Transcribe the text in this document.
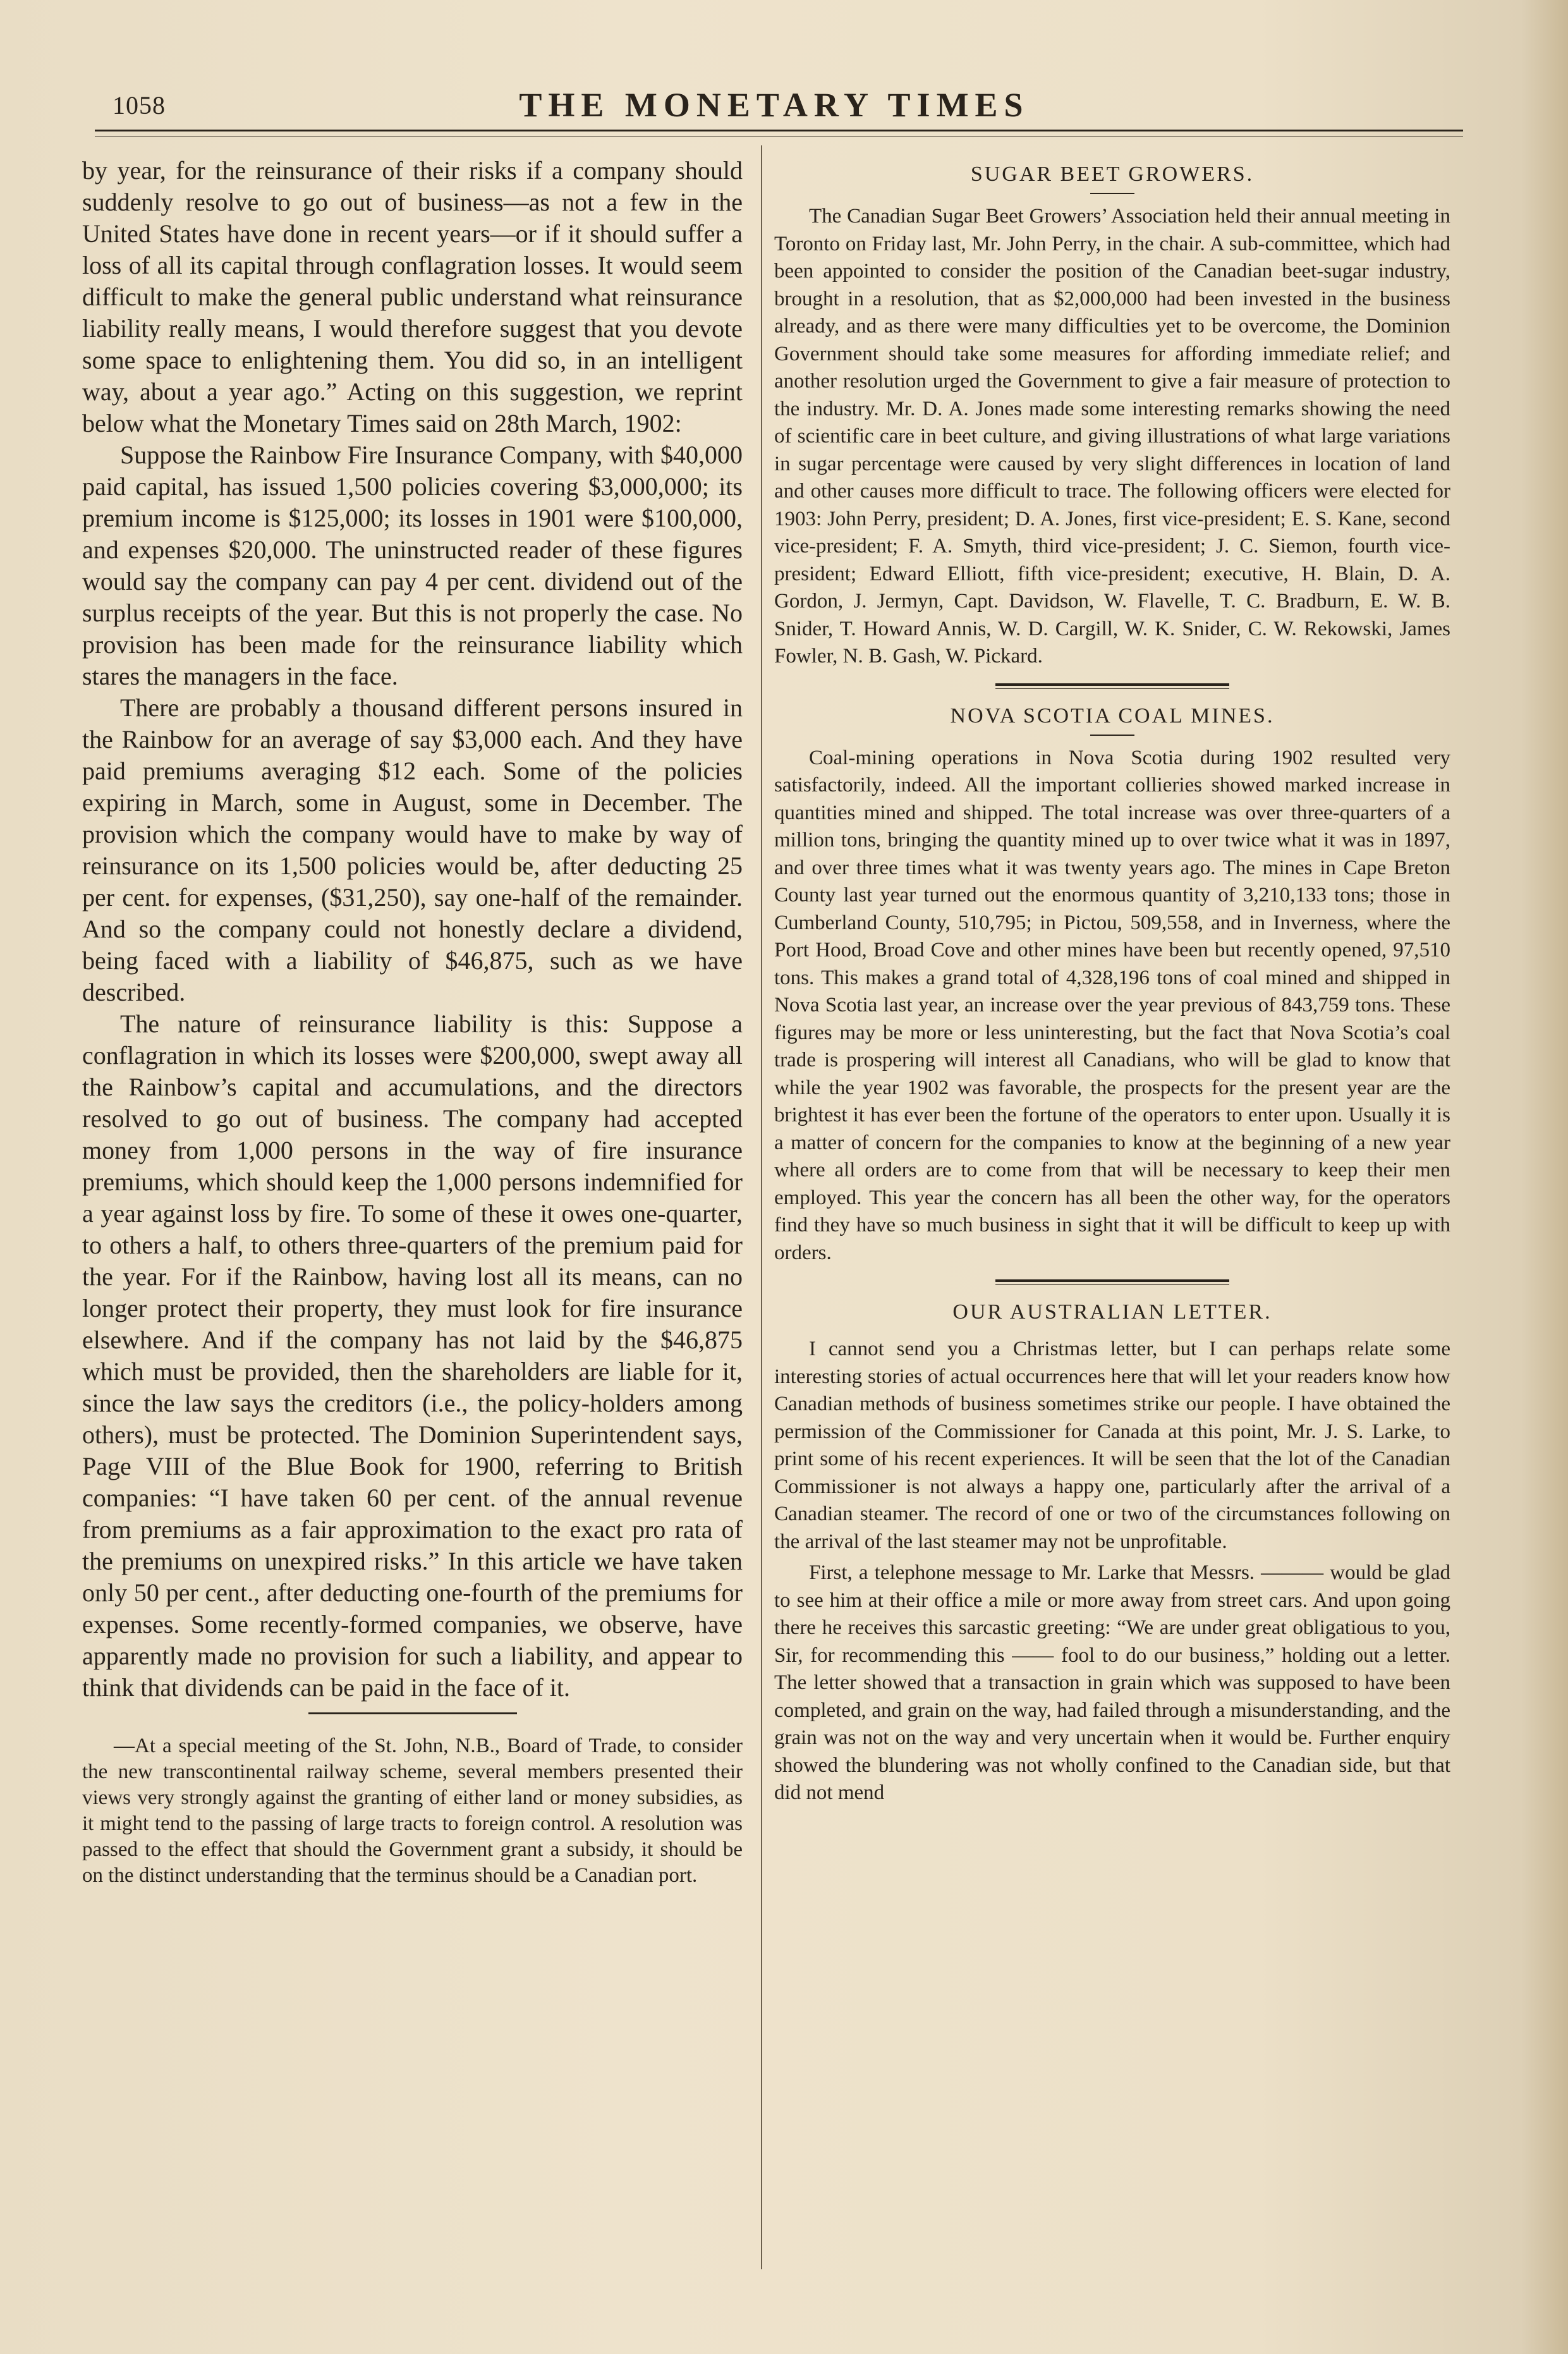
1058	THE MONETARY TIMES

by year, for the reinsurance of their risks if a company should suddenly resolve to go out of business—as not a few in the United States have done in recent years—or if it should suffer a loss of all its capital through conflagration losses. It would seem difficult to make the general public understand what reinsurance liability really means, I would therefore suggest that you devote some space to enlightening them. You did so, in an intelligent way, about a year ago.” Acting on this suggestion, we reprint below what the Monetary Times said on 28th March, 1902:

Suppose the Rainbow Fire Insurance Company, with $40,000 paid capital, has issued 1,500 policies covering $3,000,000; its premium income is $125,000; its losses in 1901 were $100,000, and expenses $20,000. The uninstructed reader of these figures would say the company can pay 4 per cent. dividend out of the surplus receipts of the year. But this is not properly the case. No provision has been made for the reinsurance liability which stares the managers in the face.

There are probably a thousand different persons insured in the Rainbow for an average of say $3,000 each. And they have paid premiums averaging $12 each. Some of the policies expiring in March, some in August, some in December. The provision which the company would have to make by way of reinsurance on its 1,500 policies would be, after deducting 25 per cent. for expenses, ($31,250), say one-half of the remainder. And so the company could not honestly declare a dividend, being faced with a liability of $46,875, such as we have described.

The nature of reinsurance liability is this: Suppose a conflagration in which its losses were $200,000, swept away all the Rainbow’s capital and accumulations, and the directors resolved to go out of business. The company had accepted money from 1,000 persons in the way of fire insurance premiums, which should keep the 1,000 persons indemnified for a year against loss by fire. To some of these it owes one-quarter, to others a half, to others three-quarters of the premium paid for the year. For if the Rainbow, having lost all its means, can no longer protect their property, they must look for fire insurance elsewhere. And if the company has not laid by the $46,875 which must be provided, then the shareholders are liable for it, since the law says the creditors (i.e., the policy-holders among others), must be protected. The Dominion Superintendent says, Page VIII of the Blue Book for 1900, referring to British companies: “I have taken 60 per cent. of the annual revenue from premiums as a fair approximation to the exact pro rata of the premiums on unexpired risks.” In this article we have taken only 50 per cent., after deducting one-fourth of the premiums for expenses. Some recently-formed companies, we observe, have apparently made no provision for such a liability, and appear to think that dividends can be paid in the face of it.

—At a special meeting of the St. John, N.B., Board of Trade, to consider the new transcontinental railway scheme, several members presented their views very strongly against the granting of either land or money subsidies, as it might tend to the passing of large tracts to foreign control. A resolution was passed to the effect that should the Government grant a subsidy, it should be on the distinct understanding that the terminus should be a Canadian port.

SUGAR BEET GROWERS.

The Canadian Sugar Beet Growers’ Association held their annual meeting in Toronto on Friday last, Mr. John Perry, in the chair. A sub-committee, which had been appointed to consider the position of the Canadian beet-sugar industry, brought in a resolution, that as $2,000,000 had been invested in the business already, and as there were many difficulties yet to be overcome, the Dominion Government should take some measures for affording immediate relief; and another resolution urged the Government to give a fair measure of protection to the industry. Mr. D. A. Jones made some interesting remarks showing the need of scientific care in beet culture, and giving illustrations of what large variations in sugar percentage were caused by very slight differences in location of land and other causes more difficult to trace. The following officers were elected for 1903: John Perry, president; D. A. Jones, first vice-president; E. S. Kane, second vice-president; F. A. Smyth, third vice-president; J. C. Siemon, fourth vice-president; Edward Elliott, fifth vice-president; executive, H. Blain, D. A. Gordon, J. Jermyn, Capt. Davidson, W. Flavelle, T. C. Bradburn, E. W. B. Snider, T. Howard Annis, W. D. Cargill, W. K. Snider, C. W. Rekowski, James Fowler, N. B. Gash, W. Pickard.

NOVA SCOTIA COAL MINES.

Coal-mining operations in Nova Scotia during 1902 resulted very satisfactorily, indeed. All the important collieries showed marked increase in quantities mined and shipped. The total increase was over three-quarters of a million tons, bringing the quantity mined up to over twice what it was in 1897, and over three times what it was twenty years ago. The mines in Cape Breton County last year turned out the enormous quantity of 3,210,133 tons; those in Cumberland County, 510,795; in Pictou, 509,558, and in Inverness, where the Port Hood, Broad Cove and other mines have been but recently opened, 97,510 tons. This makes a grand total of 4,328,196 tons of coal mined and shipped in Nova Scotia last year, an increase over the year previous of 843,759 tons. These figures may be more or less uninteresting, but the fact that Nova Scotia’s coal trade is prospering will interest all Canadians, who will be glad to know that while the year 1902 was favorable, the prospects for the present year are the brightest it has ever been the fortune of the operators to enter upon. Usually it is a matter of concern for the companies to know at the beginning of a new year where all orders are to come from that will be necessary to keep their men employed. This year the concern has all been the other way, for the operators find they have so much business in sight that it will be difficult to keep up with orders.

OUR AUSTRALIAN LETTER.

I cannot send you a Christmas letter, but I can perhaps relate some interesting stories of actual occurrences here that will let your readers know how Canadian methods of business sometimes strike our people. I have obtained the permission of the Commissioner for Canada at this point, Mr. J. S. Larke, to print some of his recent experiences. It will be seen that the lot of the Canadian Commissioner is not always a happy one, particularly after the arrival of a Canadian steamer. The record of one or two of the circumstances following on the arrival of the last steamer may not be unprofitable.

First, a telephone message to Mr. Larke that Messrs. ——— would be glad to see him at their office a mile or more away from street cars. And upon going there he receives this sarcastic greeting: “We are under great obligatious to you, Sir, for recommending this —— fool to do our business,” holding out a letter. The letter showed that a transaction in grain which was supposed to have been completed, and grain on the way, had failed through a misunderstanding, and the grain was not on the way and very uncertain when it would be. Further enquiry showed the blundering was not wholly confined to the Canadian side, but that did not mend
